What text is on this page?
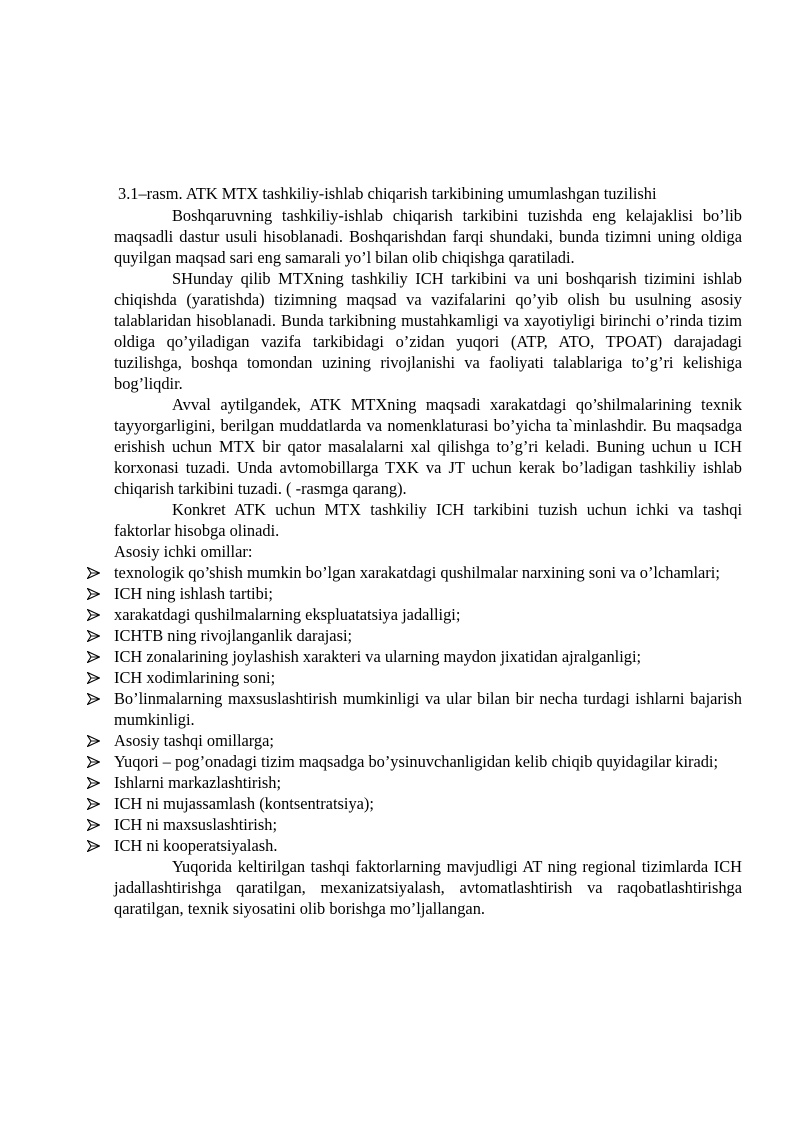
3.1–rasm. ATK MTX tashkiliy-ishlab chiqarish tarkibining umumlashgan tuzilishi

Boshqaruvning tashkiliy-ishlab chiqarish tarkibini tuzishda eng kelajaklisi bo’lib maqsadli dastur usuli hisoblanadi. Boshqarishdan farqi shundaki, bunda tizimni uning oldiga quyilgan maqsad sari eng samarali yo’l bilan olib chiqishga qaratiladi.

SHunday qilib MTXning tashkiliy ICH tarkibini va uni boshqarish tizimini ishlab chiqishda (yaratishda) tizimning maqsad va vazifalarini qo’yib olish bu usulning asosiy talablaridan hisoblanadi. Bunda tarkibning mustahkamligi va xayotiyligi birinchi o’rinda tizim oldiga qo’yiladigan vazifa tarkibidagi o’zidan yuqori (ATP, ATO, TPOAT) darajadagi tuzilishga, boshqa tomondan uzining rivojlanishi va faoliyati talablariga to’g’ri kelishiga bog’liqdir.

Avval aytilgandek, ATK MTXning maqsadi xarakatdagi qo’shilmalarining texnik tayyorgarligini, berilgan muddatlarda va nomenklaturasi bo’yicha ta`minlashdir. Bu maqsadga erishish uchun MTX bir qator masalalarni xal qilishga to’g’ri keladi. Buning uchun u ICH korxonasi tuzadi. Unda avtomobillarga TXK va JT uchun kerak bo’ladigan tashkiliy ishlab chiqarish tarkibini tuzadi. ( -rasmga qarang).

Konkret ATK uchun MTX tashkiliy ICH tarkibini tuzish uchun ichki va tashqi faktorlar hisobga olinadi.

Asosiy ichki omillar:

texnologik qo’shish mumkin bo’lgan xarakatdagi qushilmalar narxining soni va o’lchamlari;
ICH ning ishlash tartibi;
xarakatdagi qushilmalarning ekspluatatsiya jadalligi;
ICHTB ning rivojlanganlik darajasi;
ICH zonalarining joylashish xarakteri va ularning maydon jixatidan ajralganligi;
ICH xodimlarining soni;
Bo’linmalarning maxsuslashtirish mumkinligi va ular bilan bir necha turdagi ishlarni bajarish mumkinligi.
Asosiy tashqi omillarga;
Yuqori – pog’onadagi tizim maqsadga bo’ysinuvchanligidan kelib chiqib quyidagilar kiradi;
Ishlarni markazlashtirish;
ICH ni mujassamlash (kontsentratsiya);
ICH ni maxsuslashtirish;
ICH ni kooperatsiyalash.

Yuqorida keltirilgan tashqi faktorlarning mavjudligi AT ning regional tizimlarda ICH jadallashtirishga qaratilgan, mexanizatsiyalash, avtomatlashtirish va raqobatlashtirishga qaratilgan, texnik siyosatini olib borishga mo’ljallangan.
